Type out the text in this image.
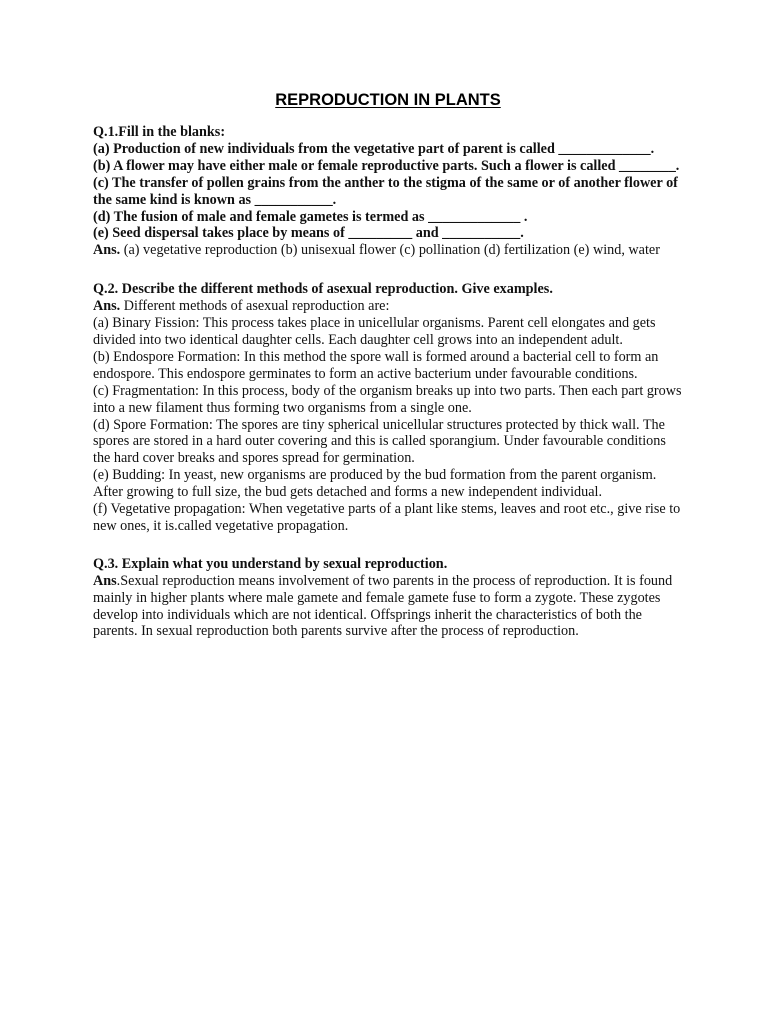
REPRODUCTION IN PLANTS

Q.1.Fill in the blanks:

(a) Production of new individuals from the vegetative part of parent is called _____________.

(b) A flower may have either male or female reproductive parts. Such a flower is called ________.

(c) The transfer of pollen grains from the anther to the stigma of the same or of another flower of the same kind is known as ___________.

(d) The fusion of male and female gametes is termed as _____________ .

(e) Seed dispersal takes place by means of _________ and ___________.

Ans. (a) vegetative reproduction (b) unisexual flower (c) pollination (d) fertilization (e) wind, water

Q.2. Describe the different methods of asexual reproduction. Give examples.

Ans. Different methods of asexual reproduction are:

(a) Binary Fission: This process takes place in unicellular organisms. Parent cell elongates and gets divided into two identical daughter cells. Each daughter cell grows into an independent adult.

(b) Endospore Formation: In this method the spore wall is formed around a bacterial cell to form an endospore. This endospore germinates to form an active bacterium under favourable conditions.

(c) Fragmentation: In this process, body of the organism breaks up into two parts. Then each part grows into a new filament thus forming two organisms from a single one.

(d) Spore Formation: The spores are tiny spherical unicellular structures protected by thick wall. The spores are stored in a hard outer covering and this is called sporangium. Under favourable conditions the hard cover breaks and spores spread for germination.

(e) Budding: In yeast, new organisms are produced by the bud formation from the parent organism. After growing to full size, the bud gets detached and forms a new independent individual.

(f) Vegetative propagation: When vegetative parts of a plant like stems, leaves and root etc., give rise to new ones, it is.called vegetative propagation.

Q.3. Explain what you understand by sexual reproduction.

Ans.Sexual reproduction means involvement of two parents in the process of reproduction. It is found mainly in higher plants where male gamete and female gamete fuse to form a zygote. These zygotes develop into individuals which are not identical. Offsprings inherit the characteristics of both the parents. In sexual reproduction both parents survive after the process of reproduction.
